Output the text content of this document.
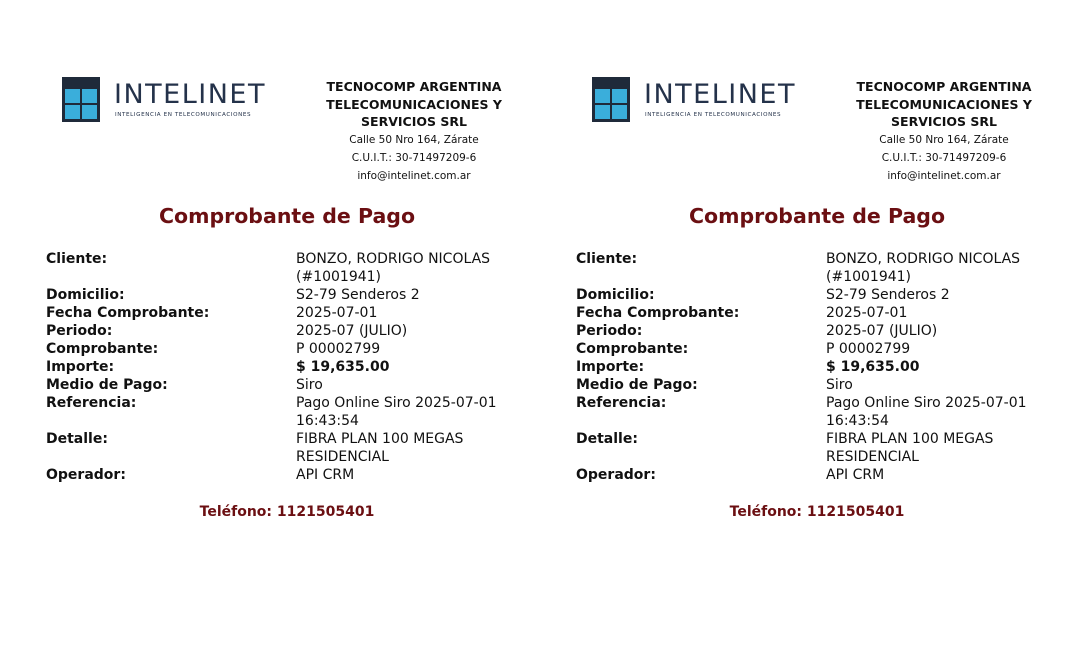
INTELINET
INTELIGENCIA EN TELECOMUNICACIONES
TECNOCOMP ARGENTINA
TELECOMUNICACIONES Y
SERVICIOS SRL
Calle 50 Nro 164, Zárate
C.U.I.T.: 30-71497209-6
info@intelinet.com.ar
Comprobante de Pago
Cliente:	BONZO, RODRIGO NICOLAS
(#1001941)
Domicilio:	S2-79 Senderos 2
Fecha Comprobante:	2025-07-01
Periodo:	2025-07 (JULIO)
Comprobante:	P 00002799
Importe:	$ 19,635.00
Medio de Pago:	Siro
Referencia:	Pago Online Siro 2025-07-01
16:43:54
Detalle:	FIBRA PLAN 100 MEGAS
RESIDENCIAL
Operador:	API CRM
Teléfono: 1121505401
INTELINET
INTELIGENCIA EN TELECOMUNICACIONES
TECNOCOMP ARGENTINA
TELECOMUNICACIONES Y
SERVICIOS SRL
Calle 50 Nro 164, Zárate
C.U.I.T.: 30-71497209-6
info@intelinet.com.ar
Comprobante de Pago
Cliente:	BONZO, RODRIGO NICOLAS
(#1001941)
Domicilio:	S2-79 Senderos 2
Fecha Comprobante:	2025-07-01
Periodo:	2025-07 (JULIO)
Comprobante:	P 00002799
Importe:	$ 19,635.00
Medio de Pago:	Siro
Referencia:	Pago Online Siro 2025-07-01
16:43:54
Detalle:	FIBRA PLAN 100 MEGAS
RESIDENCIAL
Operador:	API CRM
Teléfono: 1121505401
